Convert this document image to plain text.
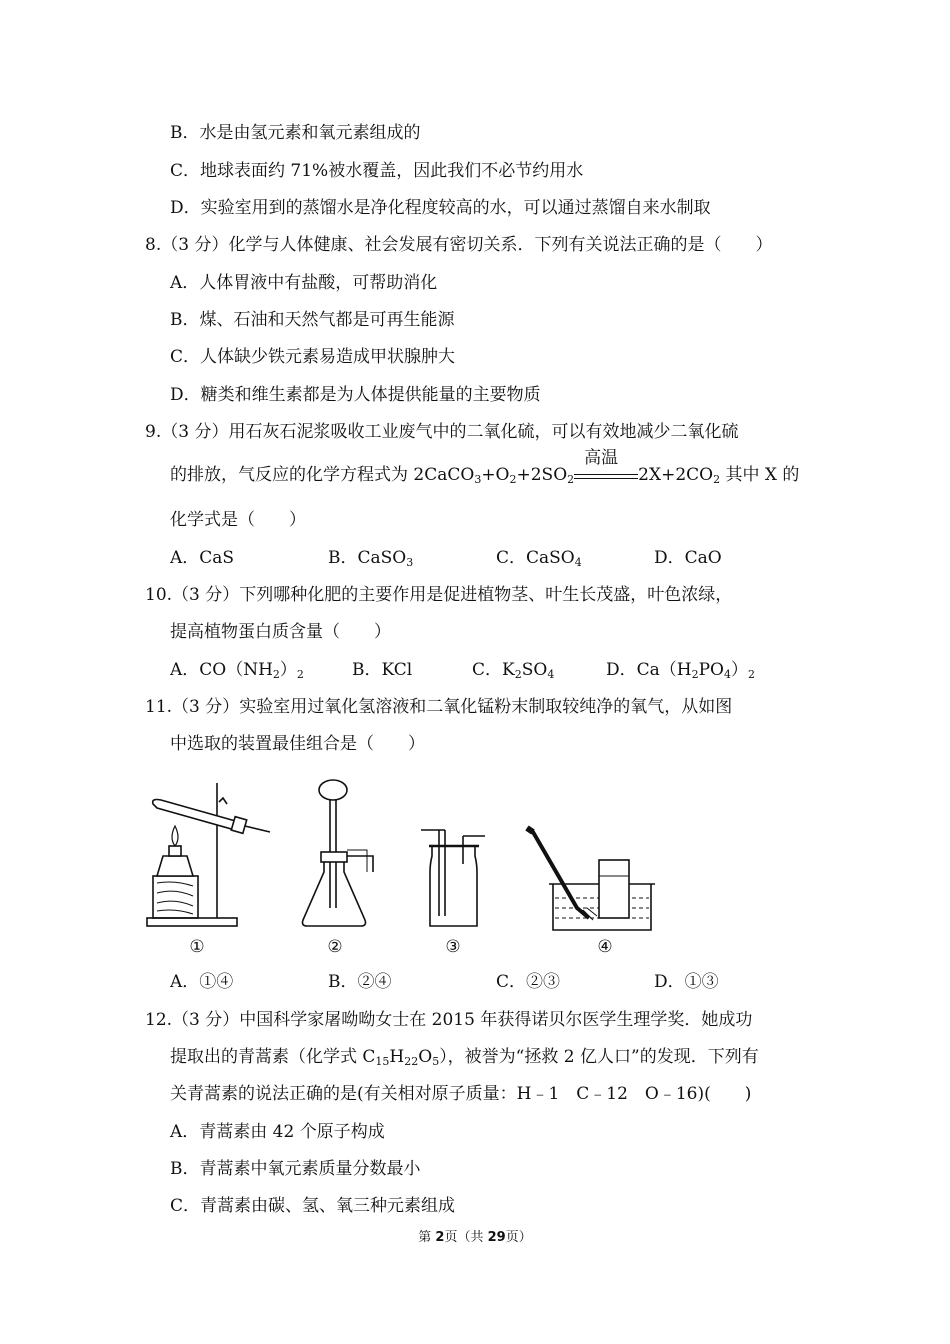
B．水是由氢元素和氧元素组成的
C．地球表面约 71%被水覆盖，因此我们不必节约用水
D．实验室用到的蒸馏水是净化程度较高的水，可以通过蒸馏自来水制取
8.（3 分）化学与人体健康、社会发展有密切关系．下列有关说法正确的是（　　）
A．人体胃液中有盐酸，可帮助消化
B．煤、石油和天然气都是可再生能源
C．人体缺少铁元素易造成甲状腺肿大
D．糖类和维生素都是为人体提供能量的主要物质
9.（3 分）用石灰石泥浆吸收工业废气中的二氧化硫，可以有效地减少二氧化硫
的排放，气反应的化学方程式为 $2CaCO_3+O_2+2SO_2$
高温
$2X+2CO_2$ 其中 X 的
化学式是（　　）
A．CaS	B．CaSO$_3$	C．CaSO$_4$	D．CaO
10.（3 分）下列哪种化肥的主要作用是促进植物茎、叶生长茂盛，叶色浓绿，
提高植物蛋白质含量（　　）
A．$CO(NH_2)_2$	B．KCl	C．$K_2SO_4$	D．$Ca(H_2PO_4)_2$
11.（3 分）实验室用过氧化氢溶液和二氧化锰粉末制取较纯净的氧气，从如图
中选取的装置最佳组合是（　　）
①	②	③	④
A．①④	B．②④	C．②③	D．①③
12.（3 分）中国科学家屠呦呦女士在 2015 年获得诺贝尔医学生理学奖．她成功
提取出的青蒿素（化学式 $C_{15}H_{22}O_5$），被誉为“拯救 2 亿人口”的发现．下列有
关青蒿素的说法正确的是(有关相对原子质量：H﹣1　C﹣12　O﹣16)(　　)
A．青蒿素由 42 个原子构成
B．青蒿素中氧元素质量分数最小
C．青蒿素由碳、氢、氧三种元素组成
第 2页（共 29页）
